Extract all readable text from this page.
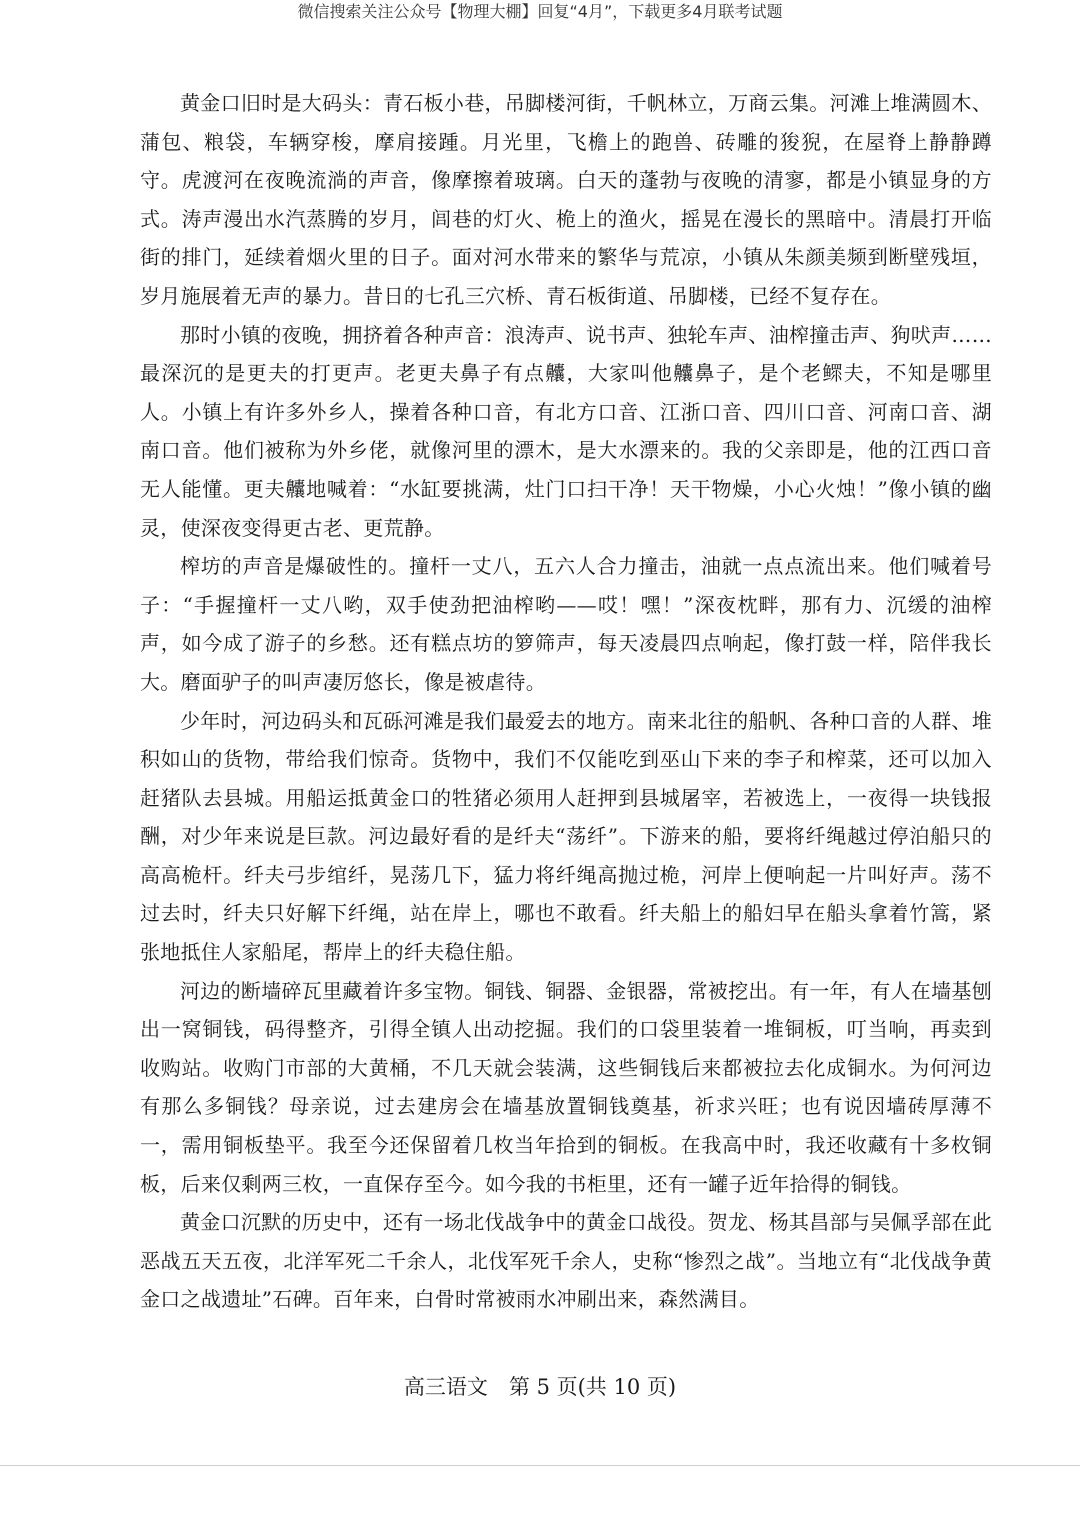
微信搜索关注公众号【物理大棚】回复“4月”，下载更多4月联考试题

黄金口旧时是大码头：青石板小巷，吊脚楼河街，千帆林立，万商云集。河滩上堆满圆木、蒲包、粮袋，车辆穿梭，摩肩接踵。月光里，飞檐上的跑兽、砖雕的狻猊，在屋脊上静静蹲守。虎渡河在夜晚流淌的声音，像摩擦着玻璃。白天的蓬勃与夜晚的清寥，都是小镇显身的方式。涛声漫出水汽蒸腾的岁月，闾巷的灯火、桅上的渔火，摇晃在漫长的黑暗中。清晨打开临街的排门，延续着烟火里的日子。面对河水带来的繁华与荒凉，小镇从朱颜美频到断壁残垣，岁月施展着无声的暴力。昔日的七孔三穴桥、青石板街道、吊脚楼，已经不复存在。

那时小镇的夜晚，拥挤着各种声音：浪涛声、说书声、独轮车声、油榨撞击声、狗吠声……最深沉的是更夫的打更声。老更夫鼻子有点齉，大家叫他齉鼻子，是个老鳏夫，不知是哪里人。小镇上有许多外乡人，操着各种口音，有北方口音、江浙口音、四川口音、河南口音、湖南口音。他们被称为外乡佬，就像河里的漂木，是大水漂来的。我的父亲即是，他的江西口音无人能懂。更夫齉地喊着：“水缸要挑满，灶门口扫干净！天干物燥，小心火烛！”像小镇的幽灵，使深夜变得更古老、更荒静。

榨坊的声音是爆破性的。撞杆一丈八，五六人合力撞击，油就一点点流出来。他们喊着号子：“手握撞杆一丈八哟，双手使劲把油榨哟——哎！嘿！”深夜枕畔，那有力、沉缓的油榨声，如今成了游子的乡愁。还有糕点坊的箩筛声，每天凌晨四点响起，像打鼓一样，陪伴我长大。磨面驴子的叫声凄厉悠长，像是被虐待。

少年时，河边码头和瓦砾河滩是我们最爱去的地方。南来北往的船帆、各种口音的人群、堆积如山的货物，带给我们惊奇。货物中，我们不仅能吃到巫山下来的李子和榨菜，还可以加入赶猪队去县城。用船运抵黄金口的牲猪必须用人赶押到县城屠宰，若被选上，一夜得一块钱报酬，对少年来说是巨款。河边最好看的是纤夫“荡纤”。下游来的船，要将纤绳越过停泊船只的高高桅杆。纤夫弓步绾纤，晃荡几下，猛力将纤绳高抛过桅，河岸上便响起一片叫好声。荡不过去时，纤夫只好解下纤绳，站在岸上，哪也不敢看。纤夫船上的船妇早在船头拿着竹篙，紧张地抵住人家船尾，帮岸上的纤夫稳住船。

河边的断墙碎瓦里藏着许多宝物。铜钱、铜器、金银器，常被挖出。有一年，有人在墙基刨出一窝铜钱，码得整齐，引得全镇人出动挖掘。我们的口袋里装着一堆铜板，叮当响，再卖到收购站。收购门市部的大黄桶，不几天就会装满，这些铜钱后来都被拉去化成铜水。为何河边有那么多铜钱？母亲说，过去建房会在墙基放置铜钱奠基，祈求兴旺；也有说因墙砖厚薄不一，需用铜板垫平。我至今还保留着几枚当年拾到的铜板。在我高中时，我还收藏有十多枚铜板，后来仅剩两三枚，一直保存至今。如今我的书柜里，还有一罐子近年拾得的铜钱。

黄金口沉默的历史中，还有一场北伐战争中的黄金口战役。贺龙、杨其昌部与吴佩孚部在此恶战五天五夜，北洋军死二千余人，北伐军死千余人，史称“惨烈之战”。当地立有“北伐战争黄金口之战遗址”石碑。百年来，白骨时常被雨水冲刷出来，森然满目。

高三语文　第 5 页(共 10 页)
